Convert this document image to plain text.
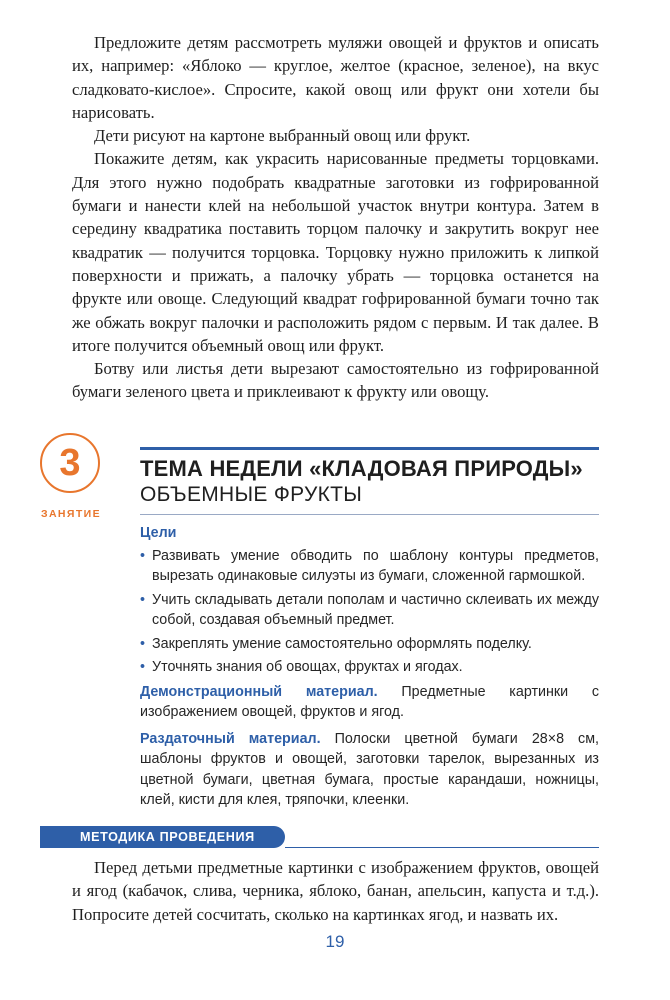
Предложите детям рассмотреть муляжи овощей и фруктов и описать их, например: «Яблоко — круглое, желтое (красное, зеленое), на вкус сладковато-кислое». Спросите, какой овощ или фрукт они хотели бы нарисовать.

Дети рисуют на картоне выбранный овощ или фрукт.

Покажите детям, как украсить нарисованные предметы торцовками. Для этого нужно подобрать квадратные заготовки из гофрированной бумаги и нанести клей на небольшой участок внутри контура. Затем в середину квадратика поставить торцом палочку и закрутить вокруг нее квадратик — получится торцовка. Торцовку нужно приложить к липкой поверхности и прижать, а палочку убрать — торцовка останется на фрукте или овоще. Следующий квадрат гофрированной бумаги точно так же обжать вокруг палочки и расположить рядом с первым. И так далее. В итоге получится объемный овощ или фрукт.

Ботву или листья дети вырезают самостоятельно из гофрированной бумаги зеленого цвета и приклеивают к фрукту или овощу.

3
ЗАНЯТИЕ
ТЕМА НЕДЕЛИ «КЛАДОВАЯ ПРИРОДЫ»
ОБЪЕМНЫЕ ФРУКТЫ
Цели
• Развивать умение обводить по шаблону контуры предметов, вырезать одинаковые силуэты из бумаги, сложенной гармошкой.
• Учить складывать детали пополам и частично склеивать их между собой, создавая объемный предмет.
• Закреплять умение самостоятельно оформлять поделку.
• Уточнять знания об овощах, фруктах и ягодах.
Демонстрационный материал. Предметные картинки с изображением овощей, фруктов и ягод.
Раздаточный материал. Полоски цветной бумаги 28×8 см, шаблоны фруктов и овощей, заготовки тарелок, вырезанных из цветной бумаги, цветная бумага, простые карандаши, ножницы, клей, кисти для клея, тряпочки, клеенки.
МЕТОДИКА ПРОВЕДЕНИЯ

Перед детьми предметные картинки с изображением фруктов, овощей и ягод (кабачок, слива, черника, яблоко, банан, апельсин, капуста и т.д.). Попросите детей сосчитать, сколько на картинках ягод, и назвать их.

19
